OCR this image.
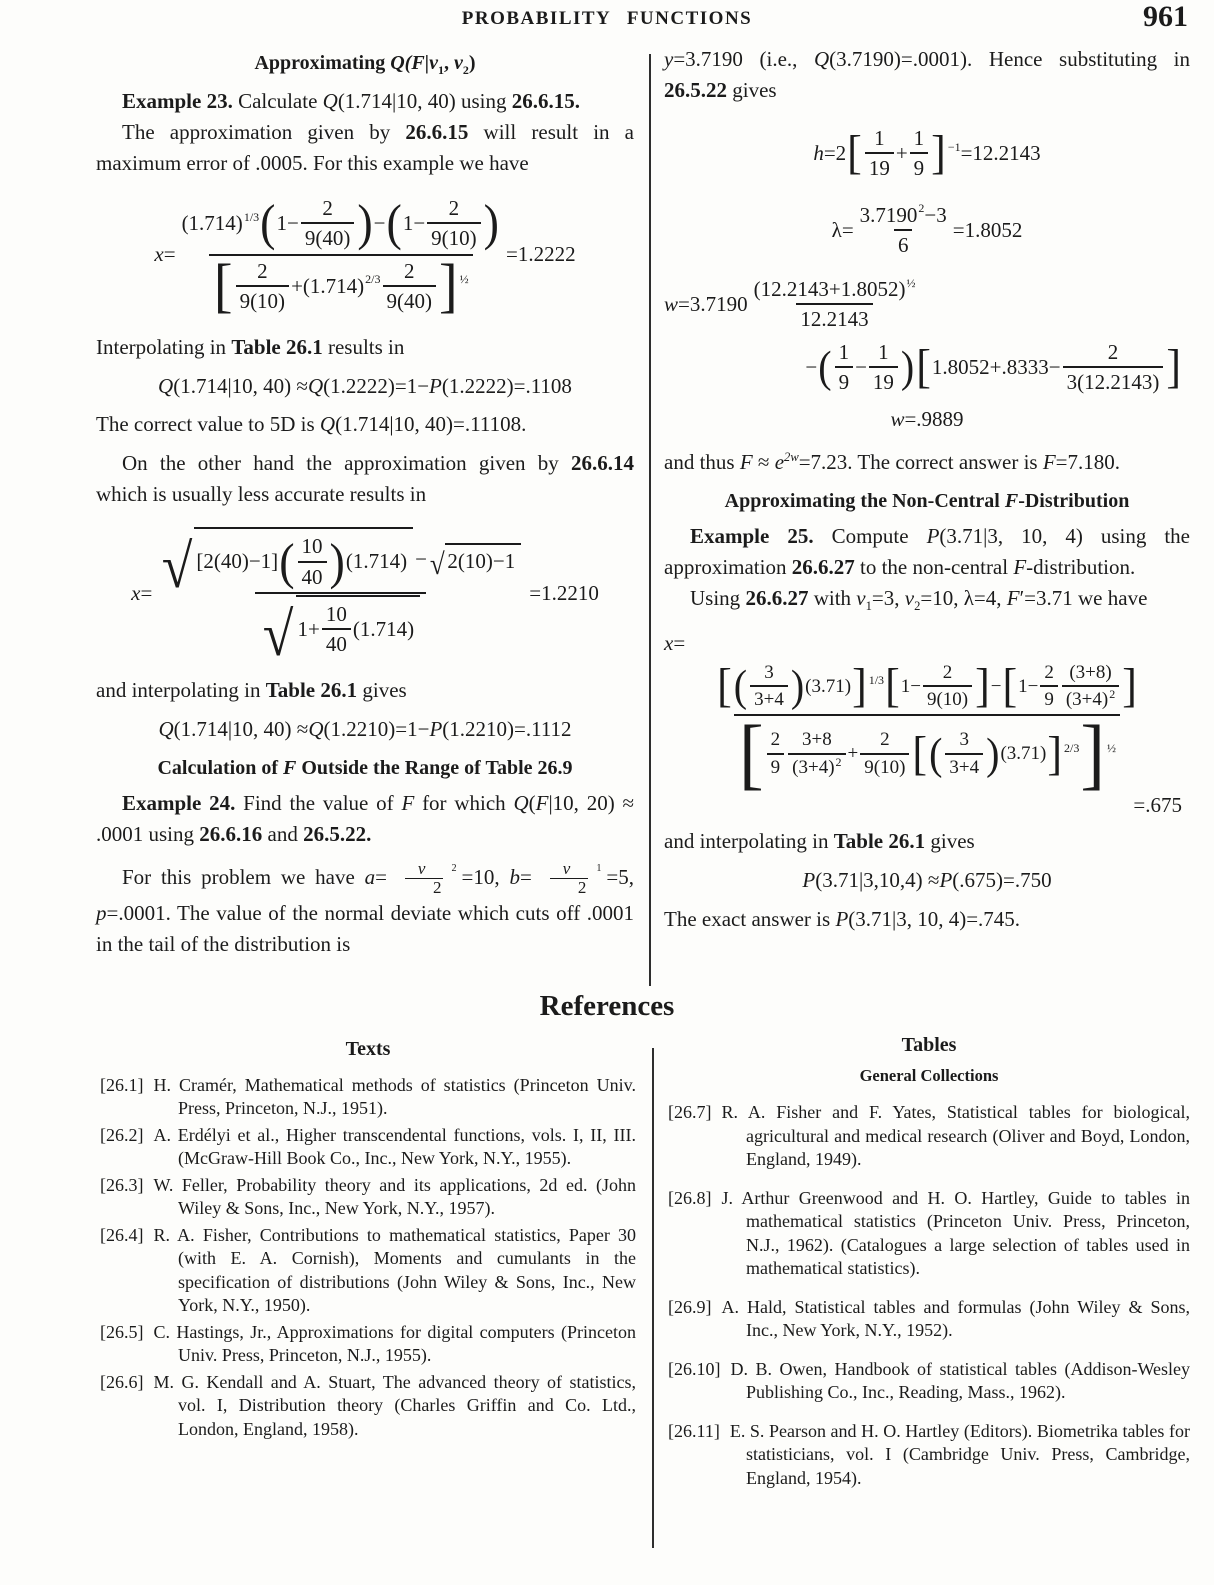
PROBABILITY FUNCTIONS	961
Approximating $Q(F|\nu_1$, $\nu_2$)

Example 23. Calculate Q(1.714|10, 40) using 26.6.15.

The approximation given by 26.6.15 will result in a maximum error of .0005. For this example we have

x =
$(1.714)^{1/3}$ ( $1- \frac{2}{9(40)}$ ) − ( $1- \frac{2}{9(10)}$ )
[ $\frac{2}{9(10)} +(1.714)^{2/3} \frac{2}{9(40)} ]^{\frac{1}{2}}$
=1.2222

Interpolating in Table 26.1 results in

Q (1.714|10, 40) ≈ Q (1.2222)=1− P (1.2222)=.1108

The correct value to 5D is Q(1.714|10, 40)=.11108.

On the other hand the approximation given by 26.6.14 which is usually less accurate results in

x = √ [2(40)−1] ( $\frac{10}{40}$ ) (1.714) − √ 2(10)−1
√ $1+ \frac{10}{40} (1.714)$
=1.2210

and interpolating in Table 26.1 gives

Q (1.714|10, 40) ≈ Q (1.2210)=1− P (1.2210)=.1112
Calculation of F Outside the Range of Table 26.9

Example 24. Find the value of F for which Q(F|10, 20) ≈ .0001 using 26.6.16 and 26.5.22.

For this problem we have a= ν	2
2 =10, b= ν	1
2 =5, p=.0001. The value of the normal deviate which cuts off .0001 in the tail of the distribution is

y=3.7190 (i.e., Q(3.7190)=.0001). Hence substituting in 26.5.22 gives

h =2 [ $\frac{1}{19} + \frac{1}{9} ]^{-1} =12.2143$
$\lambda= \frac{3.7190^2 -3}{6} =1.8052$
$w =3.7190 \frac{(12.2143+1.8052)^{\frac{1}{2}}}{12.2143}$
− ( $\frac{1}{9} - \frac{1}{19}$ ) [ $1.8052+.8333- \frac{2}{3(12.2143)}$ ]
w =.9889

and thus $F \approx e^{2w}=7.23$. The correct answer is F=7.180.

Approximating the Non-Central F-Distribution

Example 25. Compute P(3.71|3, 10, 4) using the approximation 26.6.27 to the non-central F-distribution.

Using 26.6.27 with $\nu_1=3$, $\nu_2=10$, λ=4, F′=3.71 we have

x =
[ ( $\frac{3}{3+4}$ ) (3.71) ]$^{1/3}$ [ $1- \frac{2}{9(10)}$ ] − [ $1- \frac{2}{9} \frac{(3+8)}{(3+4)^2}$ ]
[ $\frac{2}{9} \frac{3+8}{(3+4)^2} + \frac{2}{9(10)}$ [ ( $\frac{3}{3+4}$ ) (3.71) ]$^{2/3}$ ]$^{\frac{1}{2}}$
=.675

and interpolating in Table 26.1 gives

P (3.71|3,10,4) ≈ P (.675)=.750

The exact answer is P(3.71|3, 10, 4)=.745.

References
Texts
[26.1] H. Cramér, Mathematical methods of statistics (Princeton Univ. Press, Princeton, N.J., 1951).
[26.2] A. Erdélyi et al., Higher transcendental functions, vols. I, II, III. (McGraw-Hill Book Co., Inc., New York, N.Y., 1955).
[26.3] W. Feller, Probability theory and its applications, 2d ed. (John Wiley & Sons, Inc., New York, N.Y., 1957).
[26.4] R. A. Fisher, Contributions to mathematical statistics, Paper 30 (with E. A. Cornish), Moments and cumulants in the specification of distributions (John Wiley & Sons, Inc., New York, N.Y., 1950).
[26.5] C. Hastings, Jr., Approximations for digital computers (Princeton Univ. Press, Princeton, N.J., 1955).
[26.6] M. G. Kendall and A. Stuart, The advanced theory of statistics, vol. I, Distribution theory (Charles Griffin and Co. Ltd., London, England, 1958).
Tables
General Collections
[26.7] R. A. Fisher and F. Yates, Statistical tables for biological, agricultural and medical research (Oliver and Boyd, London, England, 1949).
[26.8] J. Arthur Greenwood and H. O. Hartley, Guide to tables in mathematical statistics (Princeton Univ. Press, Princeton, N.J., 1962). (Catalogues a large selection of tables used in mathematical statistics).
[26.9] A. Hald, Statistical tables and formulas (John Wiley & Sons, Inc., New York, N.Y., 1952).
[26.10] D. B. Owen, Handbook of statistical tables (Addison-Wesley Publishing Co., Inc., Reading, Mass., 1962).
[26.11] E. S. Pearson and H. O. Hartley (Editors). Biometrika tables for statisticians, vol. I (Cambridge Univ. Press, Cambridge, England, 1954).
